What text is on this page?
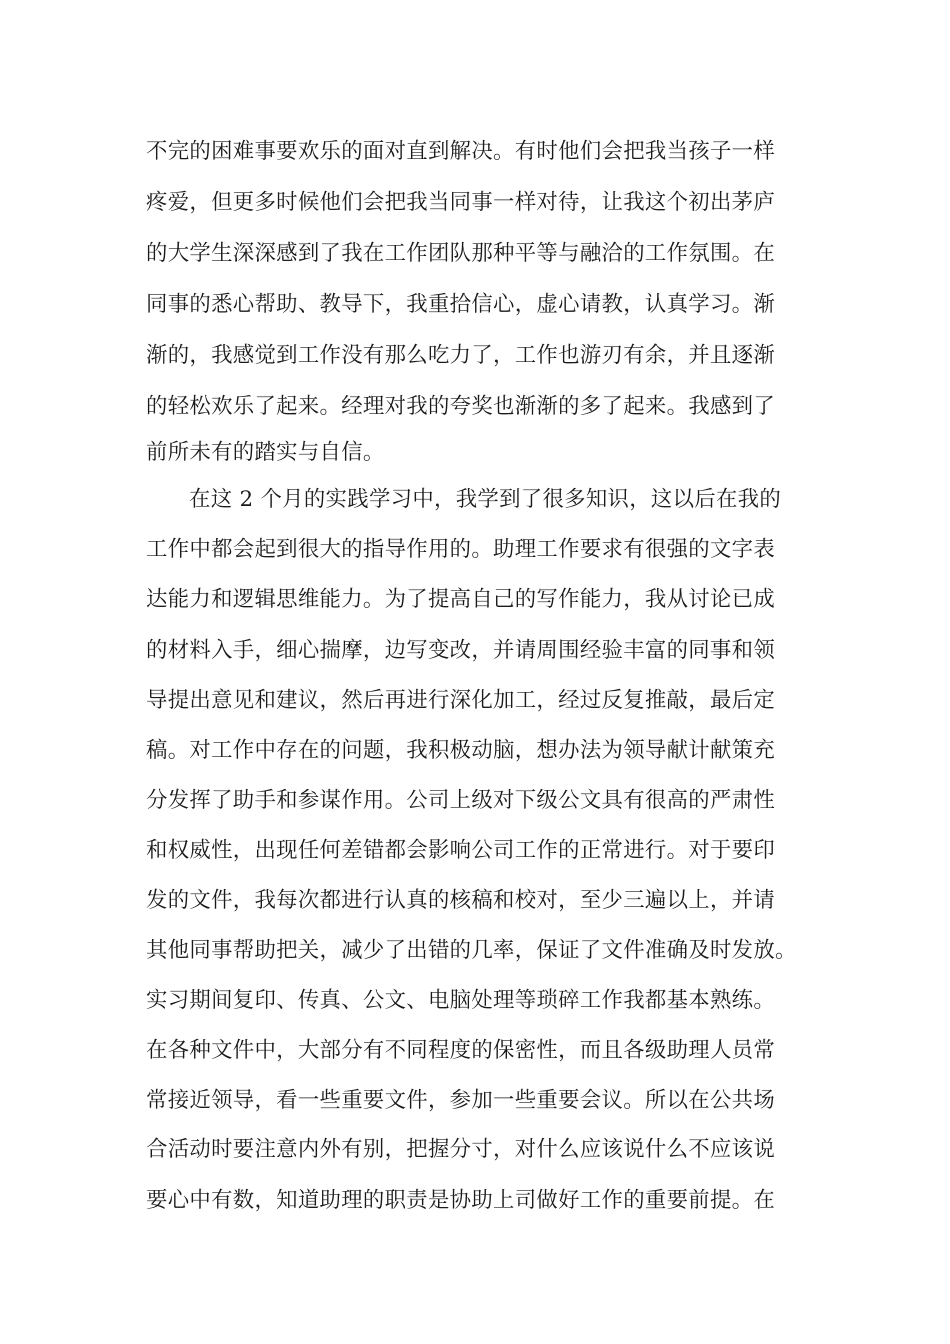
不完的困难事要欢乐的面对直到解决。有时他们会把我当孩子一样
疼爱，但更多时候他们会把我当同事一样对待，让我这个初出茅庐
的大学生深深感到了我在工作团队那种平等与融洽的工作氛围。在
同事的悉心帮助、教导下，我重拾信心，虚心请教，认真学习。渐
渐的，我感觉到工作没有那么吃力了，工作也游刃有余，并且逐渐
的轻松欢乐了起来。经理对我的夸奖也渐渐的多了起来。我感到了
前所未有的踏实与自信。
在这 2 个月的实践学习中，我学到了很多知识，这以后在我的
工作中都会起到很大的指导作用的。助理工作要求有很强的文字表
达能力和逻辑思维能力。为了提高自己的写作能力，我从讨论已成
的材料入手，细心揣摩，边写变改，并请周围经验丰富的同事和领
导提出意见和建议，然后再进行深化加工，经过反复推敲，最后定
稿。对工作中存在的问题，我积极动脑，想办法为领导献计献策充
分发挥了助手和参谋作用。公司上级对下级公文具有很高的严肃性
和权威性，出现任何差错都会影响公司工作的正常进行。对于要印
发的文件，我每次都进行认真的核稿和校对，至少三遍以上，并请
其他同事帮助把关，减少了出错的几率，保证了文件准确及时发放。
实习期间复印、传真、公文、电脑处理等琐碎工作我都基本熟练。
在各种文件中，大部分有不同程度的保密性，而且各级助理人员常
常接近领导，看一些重要文件，参加一些重要会议。所以在公共场
合活动时要注意内外有别，把握分寸，对什么应该说什么不应该说
要心中有数，知道助理的职责是协助上司做好工作的重要前提。在
